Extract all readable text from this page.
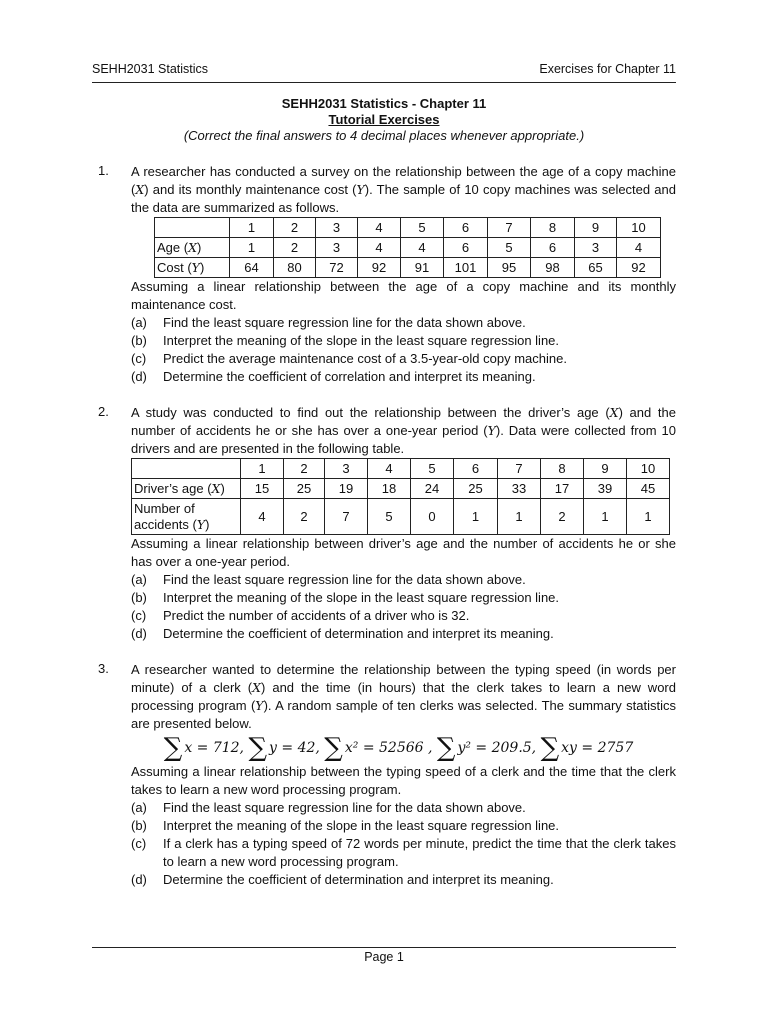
SEHH2031 Statistics	Exercises for Chapter 11
SEHH2031 Statistics - Chapter 11
Tutorial Exercises
(Correct the final answers to 4 decimal places whenever appropriate.)
1. A researcher has conducted a survey on the relationship between the age of a copy machine (X) and its monthly maintenance cost (Y). The sample of 10 copy machines was selected and the data are summarized as follows.

	1	2	3	4	5	6	7	8	9	10
Age (X)	1	2	3	4	4	6	5	6	3	4
Cost (Y)	64	80	72	92	91	101	95	98	65	92

Assuming a linear relationship between the age of a copy machine and its monthly maintenance cost.

(a)	Find the least square regression line for the data shown above.
(b)	Interpret the meaning of the slope in the least square regression line.
(c)	Predict the average maintenance cost of a 3.5-year-old copy machine.
(d)	Determine the coefficient of correlation and interpret its meaning.
2. A study was conducted to find out the relationship between the driver’s age (X) and the number of accidents he or she has over a one-year period (Y). Data were collected from 10 drivers and are presented in the following table.

	1	2	3	4	5	6	7	8	9	10
Driver’s age (X)	15	25	19	18	24	25	33	17	39	45
Number of
accidents (Y)	4	2	7	5	0	1	1	2	1	1

Assuming a linear relationship between driver’s age and the number of accidents he or she has over a one-year period.

(a)	Find the least square regression line for the data shown above.
(b)	Interpret the meaning of the slope in the least square regression line.
(c)	Predict the number of accidents of a driver who is 32.
(d)	Determine the coefficient of determination and interpret its meaning.
3. A researcher wanted to determine the relationship between the typing speed (in words per minute) of a clerk (X) and the time (in hours) that the clerk takes to learn a new word processing program (Y). A random sample of ten clerks was selected. The summary statistics are presented below.

∑ x = 712, ∑ y = 42, ∑ x² = 52566 , ∑ y² = 209.5, ∑ xy = 2757

Assuming a linear relationship between the typing speed of a clerk and the time that the clerk takes to learn a new word processing program.

(a)	Find the least square regression line for the data shown above.
(b)	Interpret the meaning of the slope in the least square regression line.
(c)	If a clerk has a typing speed of 72 words per minute, predict the time that the clerk takes to learn a new word processing program.
(d)	Determine the coefficient of determination and interpret its meaning.
Page 1
